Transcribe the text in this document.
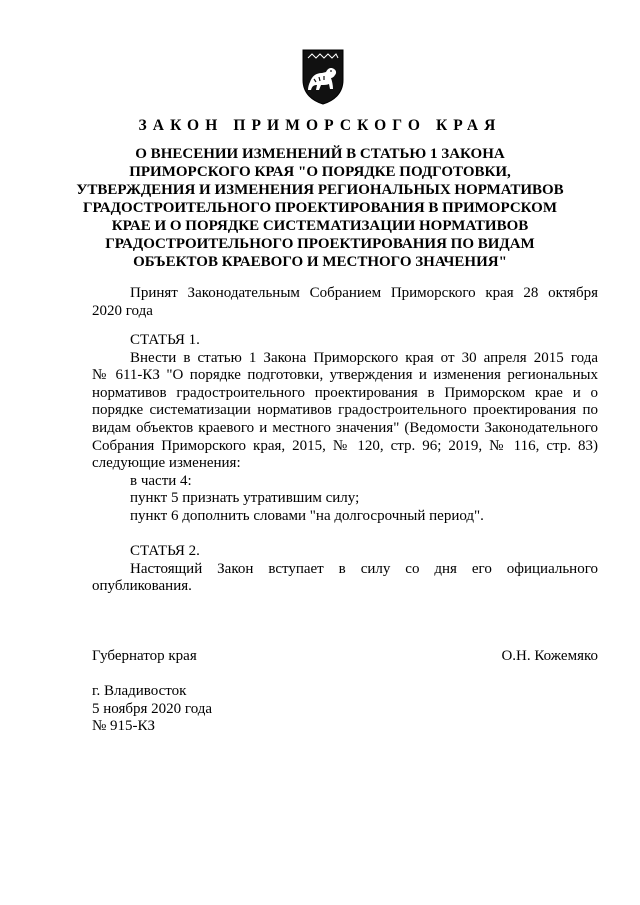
ЗАКОН ПРИМОРСКОГО КРАЯ
О ВНЕСЕНИИ ИЗМЕНЕНИЙ В СТАТЬЮ 1 ЗАКОНА
ПРИМОРСКОГО КРАЯ "О ПОРЯДКЕ ПОДГОТОВКИ,
УТВЕРЖДЕНИЯ И ИЗМЕНЕНИЯ РЕГИОНАЛЬНЫХ НОРМАТИВОВ
ГРАДОСТРОИТЕЛЬНОГО ПРОЕКТИРОВАНИЯ В ПРИМОРСКОМ
КРАЕ И О ПОРЯДКЕ СИСТЕМАТИЗАЦИИ НОРМАТИВОВ
ГРАДОСТРОИТЕЛЬНОГО ПРОЕКТИРОВАНИЯ ПО ВИДАМ
ОБЪЕКТОВ КРАЕВОГО И МЕСТНОГО ЗНАЧЕНИЯ"
Принят Законодательным Собранием Приморского края 28 октября
2020 года
СТАТЬЯ 1.
Внести в статью 1 Закона Приморского края от 30 апреля 2015 года
№ 611-КЗ "О порядке подготовки, утверждения и изменения региональных
нормативов градостроительного проектирования в Приморском крае и о
порядке систематизации нормативов градостроительного проектирования по
видам объектов краевого и местного значения" (Ведомости Законодательного
Собрания Приморского края, 2015, № 120, стр. 96; 2019, № 116, стр. 83)
следующие изменения:
в части 4:
пункт 5 признать утратившим силу;
пункт 6 дополнить словами "на долгосрочный период".
СТАТЬЯ 2.
Настоящий Закон вступает в силу со дня его официального
опубликования.
Губернатор края	О.Н. Кожемяко
г. Владивосток
5 ноября 2020 года
№ 915-КЗ
